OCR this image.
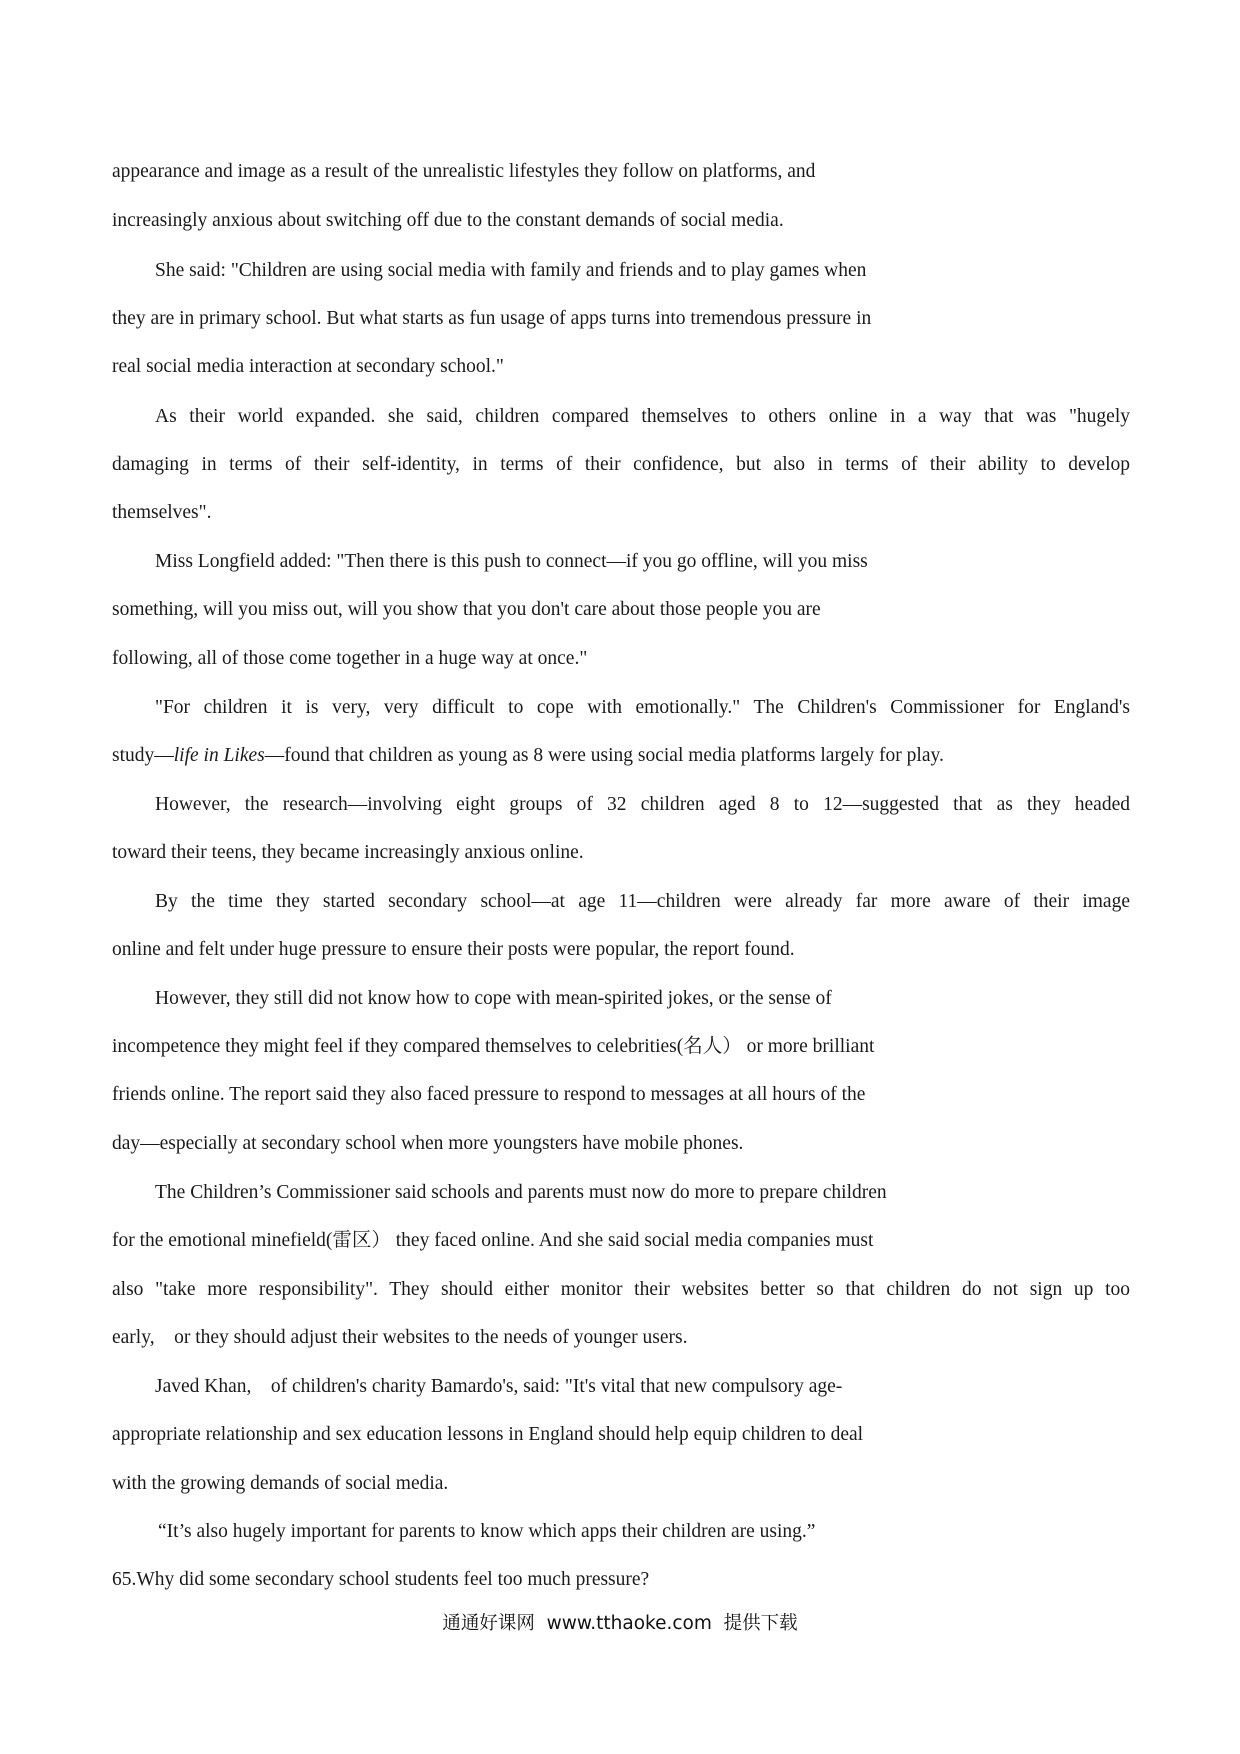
appearance and image as a result of the unrealistic lifestyles they follow on platforms, and

increasingly anxious about switching off due to the constant demands of social media.

She said: "Children are using social media with family and friends and to play games when

they are in primary school. But what starts as fun usage of apps turns into tremendous pressure in

real social media interaction at secondary school."

As their world expanded. she said, children compared themselves to others online in a way that was "hugely

damaging in terms of their self-identity, in terms of their confidence, but also in terms of their ability to develop

themselves".

Miss Longfield added: "Then there is this push to connect—if you go offline, will you miss

something, will you miss out, will you show that you don't care about those people you are

following, all of those come together in a huge way at once."

"For children it is very, very difficult to cope with emotionally." The Children's Commissioner for England's

study—life in Likes—found that children as young as 8 were using social media platforms largely for play.

However, the research—involving eight groups of 32 children aged 8 to 12—suggested that as they headed

toward their teens, they became increasingly anxious online.

By the time they started secondary school—at age 11—children were already far more aware of their image

online and felt under huge pressure to ensure their posts were popular, the report found.

However, they still did not know how to cope with mean-spirited jokes, or the sense of

incompetence they might feel if they compared themselves to celebrities(名人） or more brilliant

friends online. The report said they also faced pressure to respond to messages at all hours of the

day—especially at secondary school when more youngsters have mobile phones.

The Children’s Commissioner said schools and parents must now do more to prepare children

for the emotional minefield(雷区） they faced online. And she said social media companies must

also "take more responsibility". They should either monitor their websites better so that children do not sign up too

early,    or they should adjust their websites to the needs of younger users.

Javed Khan,    of children's charity Bamardo's, said: "It's vital that new compulsory age-

appropriate relationship and sex education lessons in England should help equip children to deal

with the growing demands of social media.

“It’s also hugely important for parents to know which apps their children are using.”

65.Why did some secondary school students feel too much pressure?

通通好课网  www.tthaoke.com  提供下载
